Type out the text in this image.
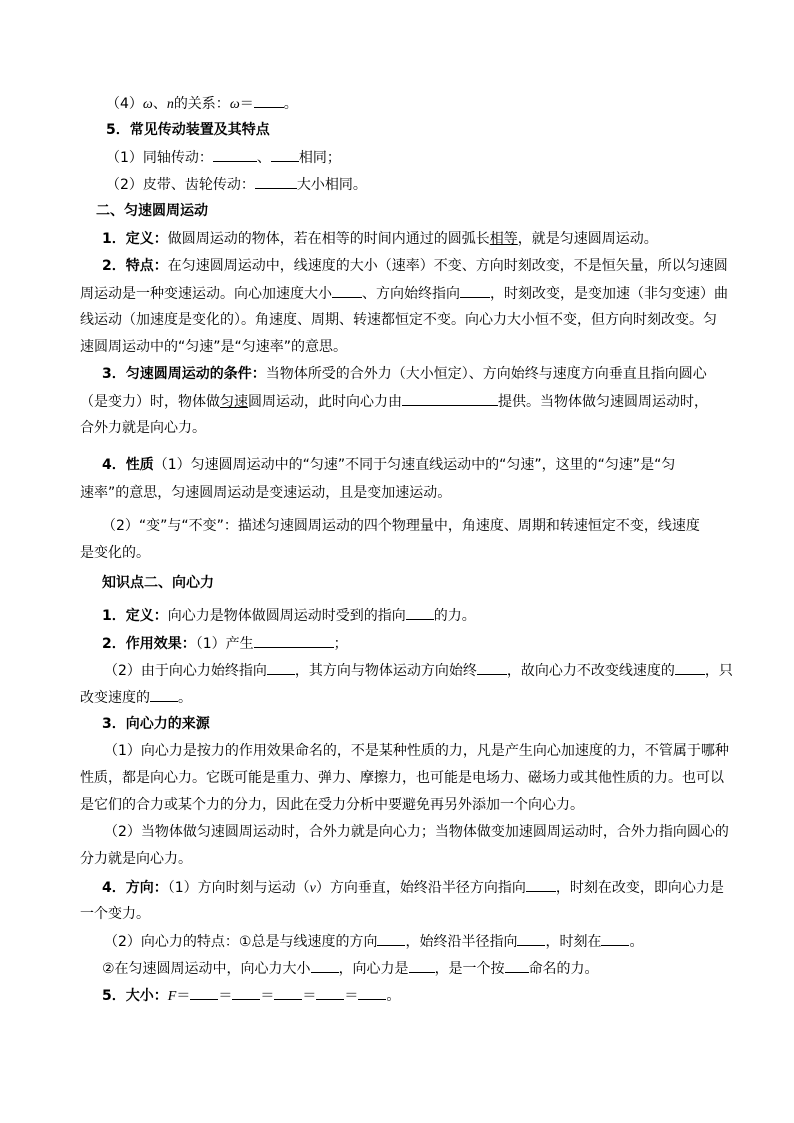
（4）ω、n的关系：ω＝ 。
5．常见传动装置及其特点
（1）同轴传动：	、 相同；
（2）皮带、齿轮传动：	大小相同。
二、匀速圆周运动
1．定义：做圆周运动的物体，若在相等的时间内通过的圆弧长相等，就是匀速圆周运动。
2．特点：在匀速圆周运动中，线速度的大小（速率）不变、方向时刻改变，不是恒矢量，所以匀速圆
周运动是一种变速运动。向心加速度大小 、方向始终指向 ，时刻改变，是变加速（非匀变速）曲
线运动（加速度是变化的）。角速度、周期、转速都恒定不变。向心力大小恒不变，但方向时刻改变。匀
速圆周运动中的“匀速”是“匀速率”的意思。
3．匀速圆周运动的条件：当物体所受的合外力（大小恒定）、方向始终与速度方向垂直且指向圆心
（是变力）时，物体做匀速圆周运动，此时向心力由	提供。当物体做匀速圆周运动时，
合外力就是向心力。
4．性质（1）匀速圆周运动中的“匀速”不同于匀速直线运动中的“匀速”，这里的“匀速”是“匀
速率”的意思，匀速圆周运动是变速运动，且是变加速运动。
（2）“变”与“不变”：描述匀速圆周运动的四个物理量中，角速度、周期和转速恒定不变，线速度
是变化的。
知识点二、向心力
1．定义：向心力是物体做圆周运动时受到的指向 的力。
2．作用效果：（1）产生	；
（2）由于向心力始终指向 ，其方向与物体运动方向始终 ，故向心力不改变线速度的 ，只
改变速度的 。
3．向心力的来源
（1）向心力是按力的作用效果命名的，不是某种性质的力，凡是产生向心加速度的力，不管属于哪种
性质，都是向心力。它既可能是重力、弹力、摩擦力，也可能是电场力、磁场力或其他性质的力。也可以
是它们的合力或某个力的分力，因此在受力分析中要避免再另外添加一个向心力。
（2）当物体做匀速圆周运动时，合外力就是向心力；当物体做变加速圆周运动时，合外力指向圆心的
分力就是向心力。
4．方向：（1）方向时刻与运动（v）方向垂直，始终沿半径方向指向 ，时刻在改变，即向心力是
一个变力。
（2）向心力的特点：①总是与线速度的方向 ，始终沿半径指向 ，时刻在 。
②在匀速圆周运动中，向心力大小 ，向心力是 ，是一个按 命名的力。
5．大小：F＝ ＝ ＝ ＝ ＝ 。
